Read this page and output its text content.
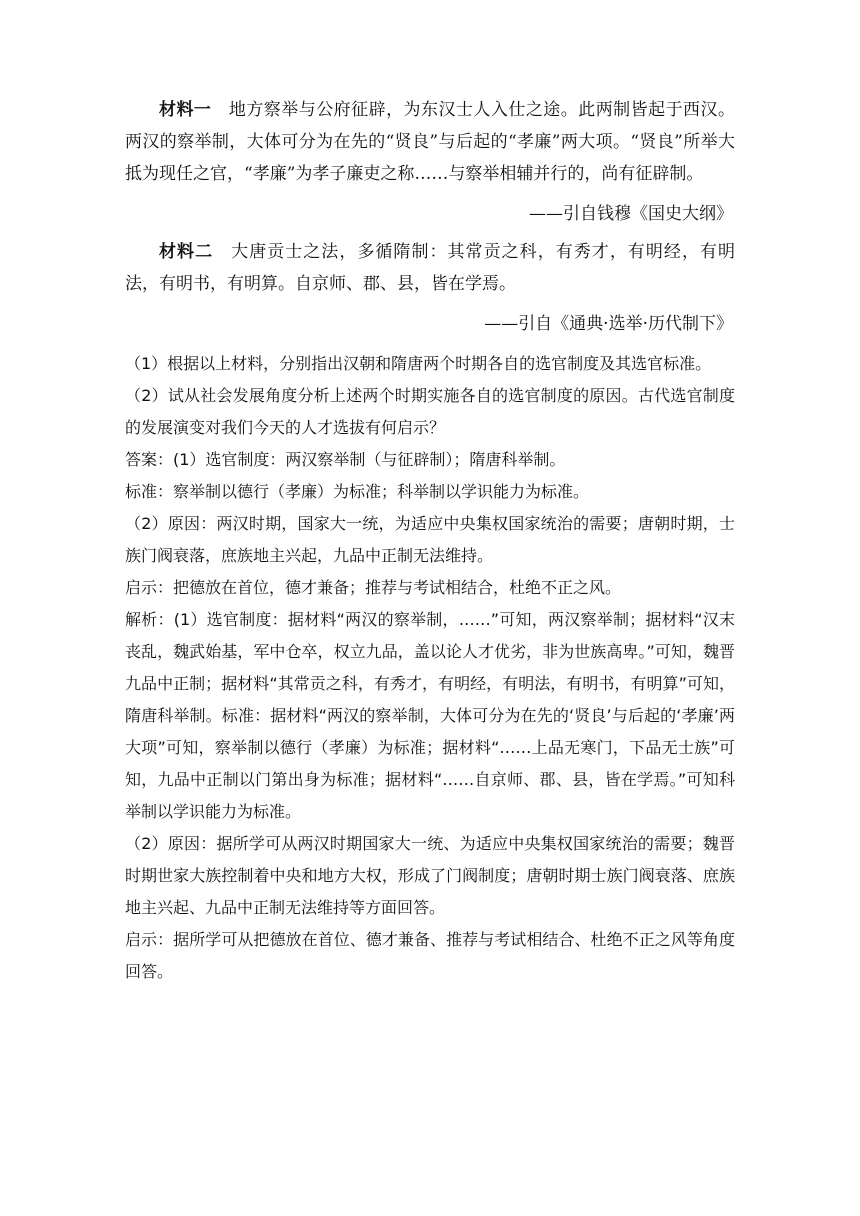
材料一  地方察举与公府征辟，为东汉士人入仕之途。此两制皆起于西汉。两汉的察举制，大体可分为在先的“贤良”与后起的“孝廉”两大项。“贤良”所举大抵为现任之官，“孝廉”为孝子廉吏之称……与察举相辅并行的，尚有征辟制。

——引自钱穆《国史大纲》

材料二  大唐贡士之法，多循隋制：其常贡之科，有秀才，有明经，有明法，有明书，有明算。自京师、郡、县，皆在学焉。

——引自《通典·选举·历代制下》

（1）根据以上材料，分别指出汉朝和隋唐两个时期各自的选官制度及其选官标准。

（2）试从社会发展角度分析上述两个时期实施各自的选官制度的原因。古代选官制度的发展演变对我们今天的人才选拔有何启示？

答案：(1）选官制度：两汉察举制（与征辟制）；隋唐科举制。

标准：察举制以德行（孝廉）为标准；科举制以学识能力为标准。

（2）原因：两汉时期，国家大一统，为适应中央集权国家统治的需要；唐朝时期，士族门阀衰落，庶族地主兴起，九品中正制无法维持。

启示：把德放在首位，德才兼备；推荐与考试相结合，杜绝不正之风。

解析：(1）选官制度：据材料“两汉的察举制，……”可知，两汉察举制；据材料“汉末丧乱，魏武始基，军中仓卒，权立九品，盖以论人才优劣，非为世族高卑。”可知，魏晋九品中正制；据材料“其常贡之科，有秀才，有明经，有明法，有明书，有明算”可知，隋唐科举制。标准：据材料“两汉的察举制，大体可分为在先的‘贤良’与后起的‘孝廉’两大项”可知，察举制以德行（孝廉）为标准；据材料“……上品无寒门，下品无士族”可知，九品中正制以门第出身为标准；据材料“……自京师、郡、县，皆在学焉。”可知科举制以学识能力为标准。

（2）原因：据所学可从两汉时期国家大一统、为适应中央集权国家统治的需要；魏晋时期世家大族控制着中央和地方大权，形成了门阀制度；唐朝时期士族门阀衰落、庶族地主兴起、九品中正制无法维持等方面回答。

启示：据所学可从把德放在首位、德才兼备、推荐与考试相结合、杜绝不正之风等角度回答。
